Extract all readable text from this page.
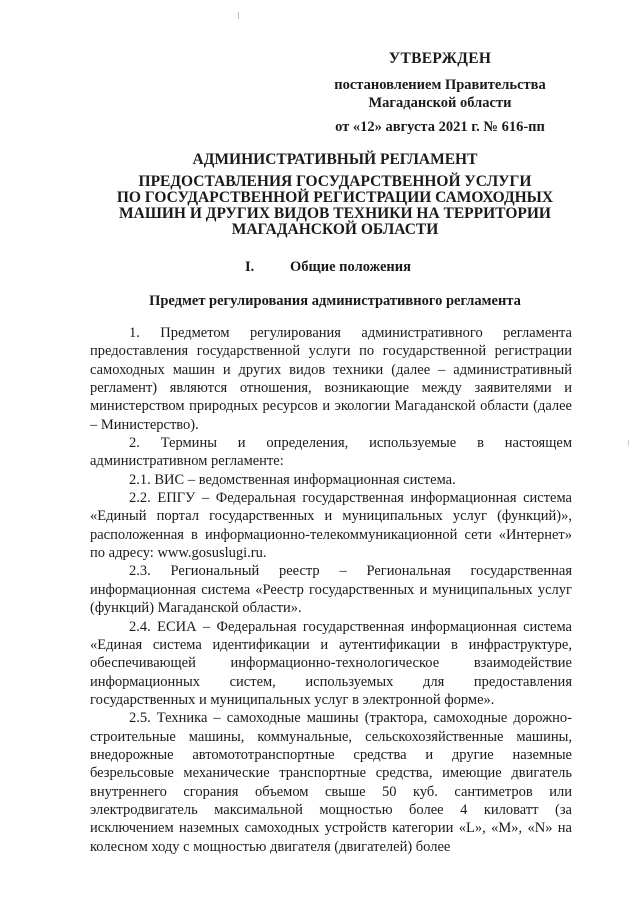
УТВЕРЖДЕН
постановлением Правительства
Магаданской области
от «12» августа 2021 г. № 616-пп
АДМИНИСТРАТИВНЫЙ РЕГЛАМЕНТ
ПРЕДОСТАВЛЕНИЯ ГОСУДАРСТВЕННОЙ УСЛУГИ
ПО ГОСУДАРСТВЕННОЙ РЕГИСТРАЦИИ САМОХОДНЫХ
МАШИН И ДРУГИХ ВИДОВ ТЕХНИКИ НА ТЕРРИТОРИИ
МАГАДАНСКОЙ ОБЛАСТИ
I. Общие положения
Предмет регулирования административного регламента

1. Предметом регулирования административного регламента предоставления государственной услуги по государственной регистрации самоходных машин и других видов техники (далее – административный регламент) являются отношения, возникающие между заявителями и министерством природных ресурсов и экологии Магаданской области (далее – Министерство).

2. Термины и определения, используемые в настоящем административном регламенте:

2.1. ВИС – ведомственная информационная система.

2.2. ЕПГУ – Федеральная государственная информационная система «Единый портал государственных и муниципальных услуг (функций)», расположенная в информационно-телекоммуникационной сети «Интернет» по адресу: www.gosuslugi.ru.

2.3. Региональный реестр – Региональная государственная информационная система «Реестр государственных и муниципальных услуг (функций) Магаданской области».

2.4. ЕСИА – Федеральная государственная информационная система «Единая система идентификации и аутентификации в инфраструктуре, обеспечивающей информационно-технологическое взаимодействие информационных систем, используемых для предоставления государственных и муниципальных услуг в электронной форме».

2.5. Техника – самоходные машины (трактора, самоходные дорожно-строительные машины, коммунальные, сельскохозяйственные машины, внедорожные автомототранспортные средства и другие наземные безрельсовые механические транспортные средства, имеющие двигатель внутреннего сгорания объемом свыше 50 куб. сантиметров или электродвигатель максимальной мощностью более 4 киловатт (за исключением наземных самоходных устройств категории «L», «M», «N» на колесном ходу с мощностью двигателя (двигателей) более
